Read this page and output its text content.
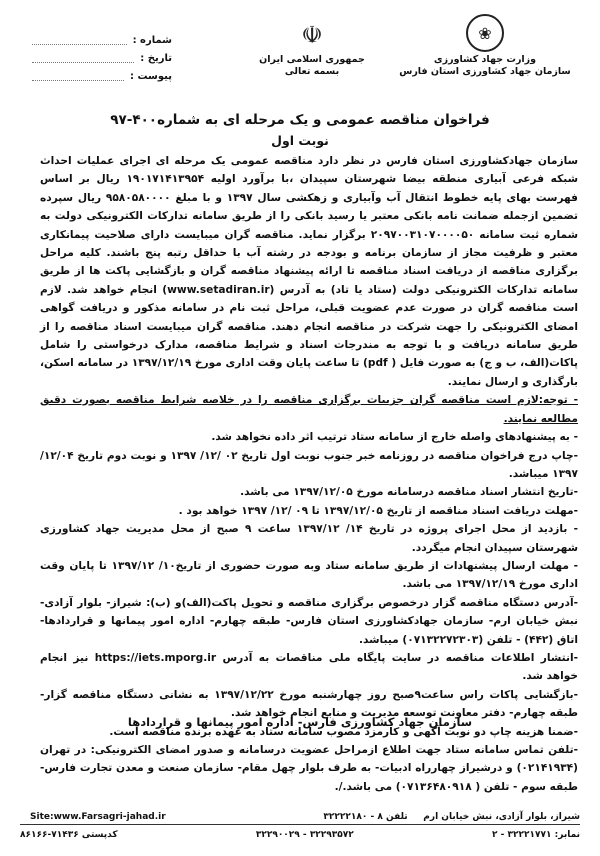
❀
وزارت جهاد کشاورزی
سازمان جهاد کشاورزی استان فارس
☫
جمهوری اسلامی ایران
بسمه تعالی
شماره :
تاریخ :
پیوست :
فراخوان مناقصه عمومی و یک مرحله ای به شماره۴۰۰-۹۷
نوبت اول

سازمان جهادکشاورزی استان فارس در نظر دارد مناقصه عمومی یک مرحله ای اجرای عملیات احداث شبکه فرعی آبیاری منطقه بیضا شهرستان سپیدان ،با برآورد اولیه ۱۹۰۱۷۱۴۱۳۹۵۴ ریال بر اساس فهرست بهای پایه خطوط انتقال آب وآبیاری و زهکشی سال ۱۳۹۷ و با مبلغ ۹۵۸۰۵۸۰۰۰۰ ریال سپرده تضمین ازجمله ضمانت نامه بانکی معتبر یا رسید بانکی را از طریق سامانه تدارکات الکترونیکی دولت به شماره ثبت سامانه ۲۰۹۷۰۰۳۱۰۷۰۰۰۰۵۰ برگزار نماید. مناقصه گران میبایست دارای صلاحیت پیمانکاری معتبر و ظرفیت مجاز از سازمان برنامه و بودجه در رشته آب با حداقل رتبه پنج باشند. کلیه مراحل برگزاری مناقصه از دریافت اسناد مناقصه تا ارائه پیشنهاد مناقصه گران و بازگشایی پاکت ها از طریق سامانه تدارکات الکترونیکی دولت (ستاد یا تاد) به آدرس (www.setadiran.ir) انجام خواهد شد. لازم است مناقصه گران در صورت عدم عضویت قبلی، مراحل ثبت نام در سامانه مذکور و دریافت گواهی امضای الکترونیکی را جهت شرکت در مناقصه انجام دهند. مناقصه گران میبایست اسناد مناقصه را از طریق سامانه دریافت و با توجه به مندرجات اسناد و شرایط مناقصه، مدارک درخواستی را شامل پاکات(الف، ب و ج) به صورت فایل ( pdf) تا ساعت پایان وقت اداری مورخ ۱۳۹۷/۱۲/۱۹ در سامانه اسکن، بارگذاری و ارسال نمایند.

- توجه:لازم است مناقصه گران جزییات برگزاری مناقصه را در خلاصه شرایط مناقصه بصورت دقیق مطالعه نمایند.

- به پیشنهادهای واصله خارج از سامانه ستاد ترتیب اثر داده نخواهد شد.

-چاپ درج فراخوان مناقصه در روزنامه خبر جنوب نوبت اول تاریخ ۰۲ /۱۲/ ۱۳۹۷ و نوبت دوم تاریخ ۱۲/۰۴/ ۱۳۹۷ میباشد.

-تاریخ انتشار اسناد مناقصه درسامانه مورخ ۱۳۹۷/۱۲/۰۵ می باشد.

-مهلت دریافت اسناد مناقصه از تاریخ ۱۳۹۷/۱۲/۰۵ تا ۰۹ /۱۲/ ۱۳۹۷ خواهد بود .

- بازدید از محل اجرای پروژه در تاریخ ۱۴/ ۱۳۹۷/۱۲ ساعت ۹ صبح از محل مدیریت جهاد کشاورزی شهرستان سپیدان انجام میگردد.

- مهلت ارسال پیشنهادات از طریق سامانه ستاد وبه صورت حضوری از تاریخ۱۰/ ۱۳۹۷/۱۲ تا پایان وقت اداری مورخ ۱۳۹۷/۱۲/۱۹ می باشد.

-آدرس دستگاه مناقصه گزار درخصوص برگزاری مناقصه و تحویل پاکت(الف)و (ب): شیراز- بلوار آزادی- نبش خیابان ارم- سازمان جهادکشاورزی استان فارس- طبقه چهارم- اداره امور پیمانها و قراردادها- اتاق (۴۴۲) - تلفن (۰۷۱۳۲۲۷۲۳۰۳) میباشد.

-انتشار اطلاعات مناقصه در سایت پایگاه ملی مناقصات به آدرس https://iets.mporg.ir نیز انجام خواهد شد.

-بازگشایی پاکات راس ساعت۹صبح روز چهارشنبه مورخ ۱۳۹۷/۱۲/۲۲ به نشانی دستگاه مناقصه گزار- طبقه چهارم- دفتر معاونت توسعه مدیریت و منابع انجام خواهد شد.

-ضمنا هزینه چاپ دو نوبت آگهی و کارمزد مصوب سامانه ستاد به عهده برنده مناقصه است.

-تلفن تماس سامانه ستاد جهت اطلاع ازمراحل عضویت درسامانه و صدور امضای الکترونیکی: در تهران (۰۲۱۴۱۹۳۴) و درشیراز چهارراه ادبیات- به طرف بلوار چهل مقام- سازمان صنعت و معدن تجارت فارس-طبقه سوم - تلفن ( ۰۷۱۳۶۴۸۰۹۱۸) می باشد./.

سازمان جهاد کشاورزی فارس- اداره امور پیمانها و قراردادها
شیراز، بلوار آزادی، نبش خیابان ارم     تلفن ۸ - ۳۲۲۲۲۱۸۰
Site:www.Farsagri-jahad.ir
نمابر: ۳۲۲۲۱۷۷۱ - ۲
۳۲۲۹۳۵۷۲ - ۳۲۲۹۰۰۲۹
کدپستی ۷۱۴۳۶-۸۶۱۶۶
